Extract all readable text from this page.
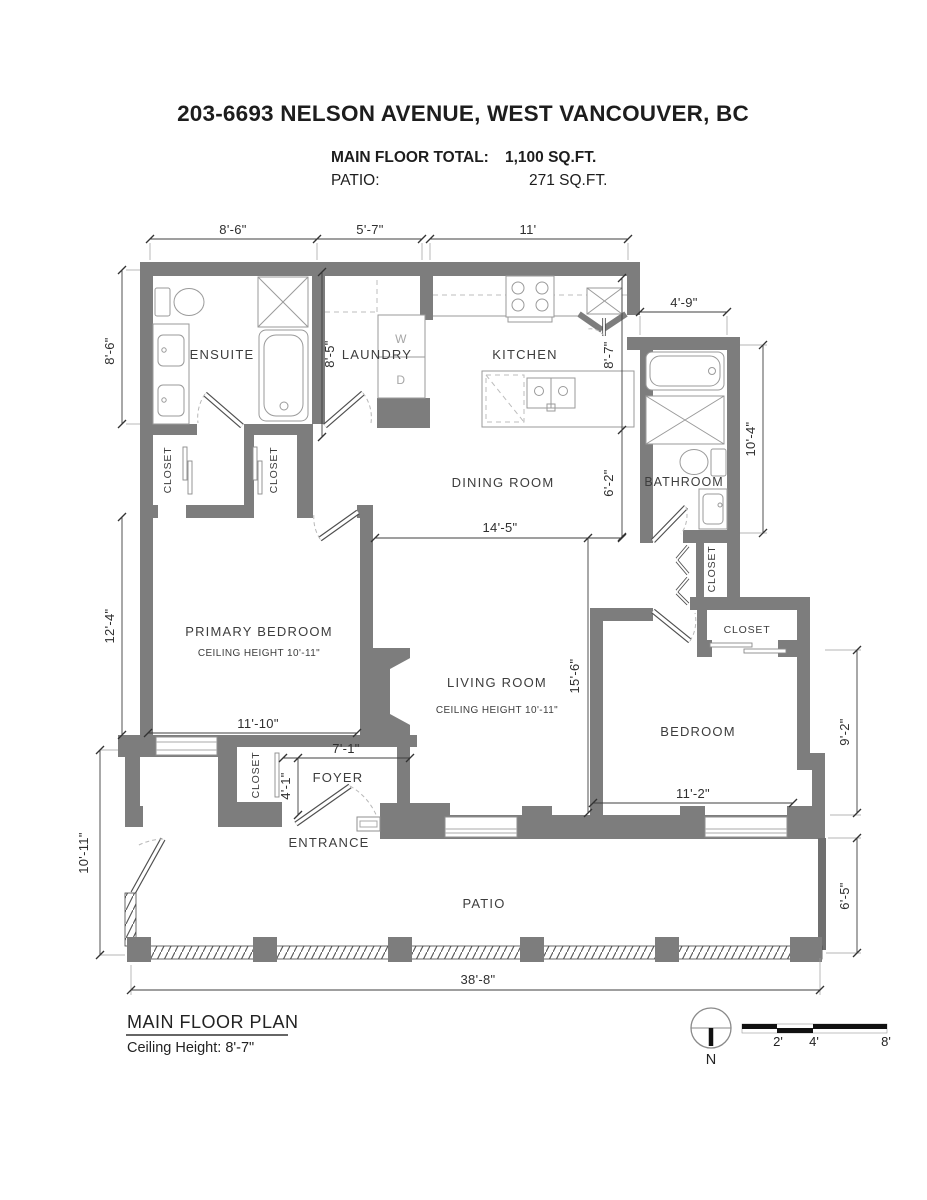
203-6693 NELSON AVENUE, WEST VANCOUVER, BC
MAIN FLOOR TOTAL: 1,100 SQ.FT.
PATIO:	271 SQ.FT.
ENSUITE	LAUNDRY	KITCHEN
DINING ROOM	BATHROOM
PRIMARY BEDROOM
CEILING HEIGHT 10'-11"
LIVING ROOM
CEILING HEIGHT 10'-11"
BEDROOM
FOYER
ENTRANCE
PATIO
CLOSET	CLOSET
CLOSET
CLOSET
CLOSET
W
D
8'-6"	5'-7"	11'
4'-9"
8'-6"	8'-5"	8'-7"
10'-4"
6'-2"
14'-5"
12'-4"
15'-6"
11'-10"
7'-1"
4'-1"	11'-2"
9'-2"
6'-5"
10'-11"
38'-8"
MAIN FLOOR PLAN
Ceiling Height: 8'-7"
N
2' 4'	8'
